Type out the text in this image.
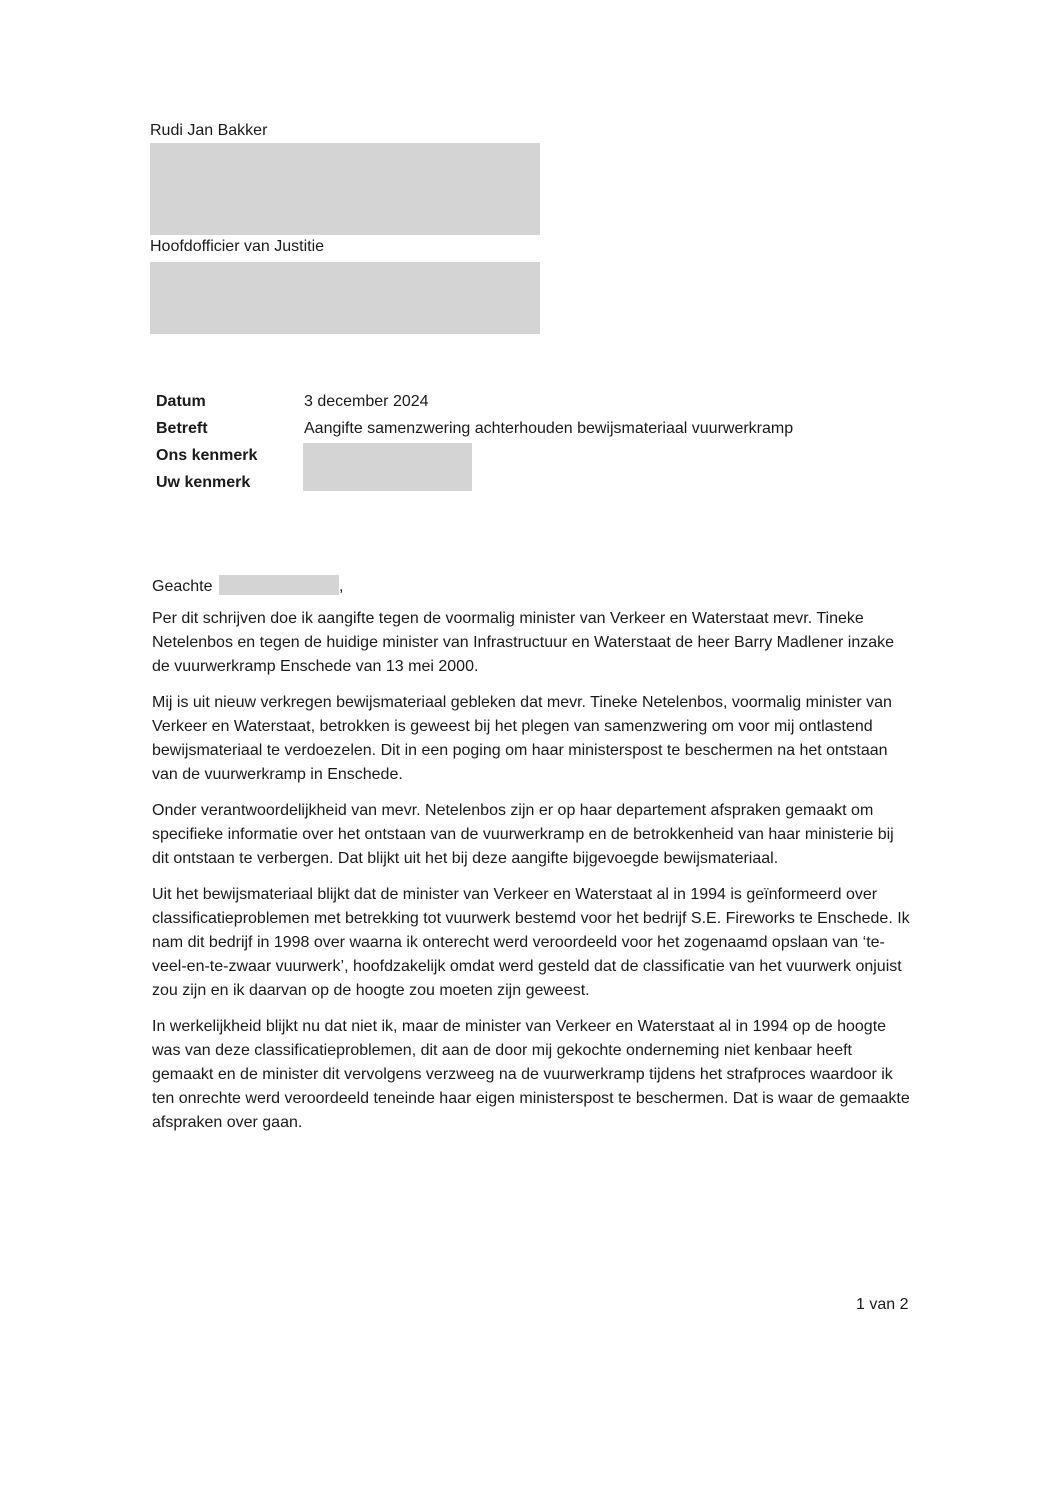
Rudi Jan Bakker
Hoofdofficier van Justitie
Datum	3 december 2024
Betreft	Aangifte samenzwering achterhouden bewijsmateriaal vuurwerkramp
Ons kenmerk
Uw kenmerk
Geachte	,

Per dit schrijven doe ik aangifte tegen de voormalig minister van Verkeer en Waterstaat mevr. Tineke Netelenbos en tegen de huidige minister van Infrastructuur en Waterstaat de heer Barry Madlener inzake de vuurwerkramp Enschede van 13 mei 2000.

Mij is uit nieuw verkregen bewijsmateriaal gebleken dat mevr. Tineke Netelenbos, voormalig minister van Verkeer en Waterstaat, betrokken is geweest bij het plegen van samenzwering om voor mij ontlastend bewijsmateriaal te verdoezelen. Dit in een poging om haar ministerspost te beschermen na het ontstaan van de vuurwerkramp in Enschede.

Onder verantwoordelijkheid van mevr. Netelenbos zijn er op haar departement afspraken gemaakt om specifieke informatie over het ontstaan van de vuurwerkramp en de betrokkenheid van haar ministerie bij dit ontstaan te verbergen. Dat blijkt uit het bij deze aangifte bijgevoegde bewijsmateriaal.

Uit het bewijsmateriaal blijkt dat de minister van Verkeer en Waterstaat al in 1994 is geïnformeerd over classificatieproblemen met betrekking tot vuurwerk bestemd voor het bedrijf S.E. Fireworks te Enschede. Ik nam dit bedrijf in 1998 over waarna ik onterecht werd veroordeeld voor het zogenaamd opslaan van ‘te-veel-en-te-zwaar vuurwerk’, hoofdzakelijk omdat werd gesteld dat de classificatie van het vuurwerk onjuist zou zijn en ik daarvan op de hoogte zou moeten zijn geweest.

In werkelijkheid blijkt nu dat niet ik, maar de minister van Verkeer en Waterstaat al in 1994 op de hoogte was van deze classificatieproblemen, dit aan de door mij gekochte onderneming niet kenbaar heeft gemaakt en de minister dit vervolgens verzweeg na de vuurwerkramp tijdens het strafproces waardoor ik ten onrechte werd veroordeeld teneinde haar eigen ministerspost te beschermen. Dat is waar de gemaakte afspraken over gaan.

1 van 2
